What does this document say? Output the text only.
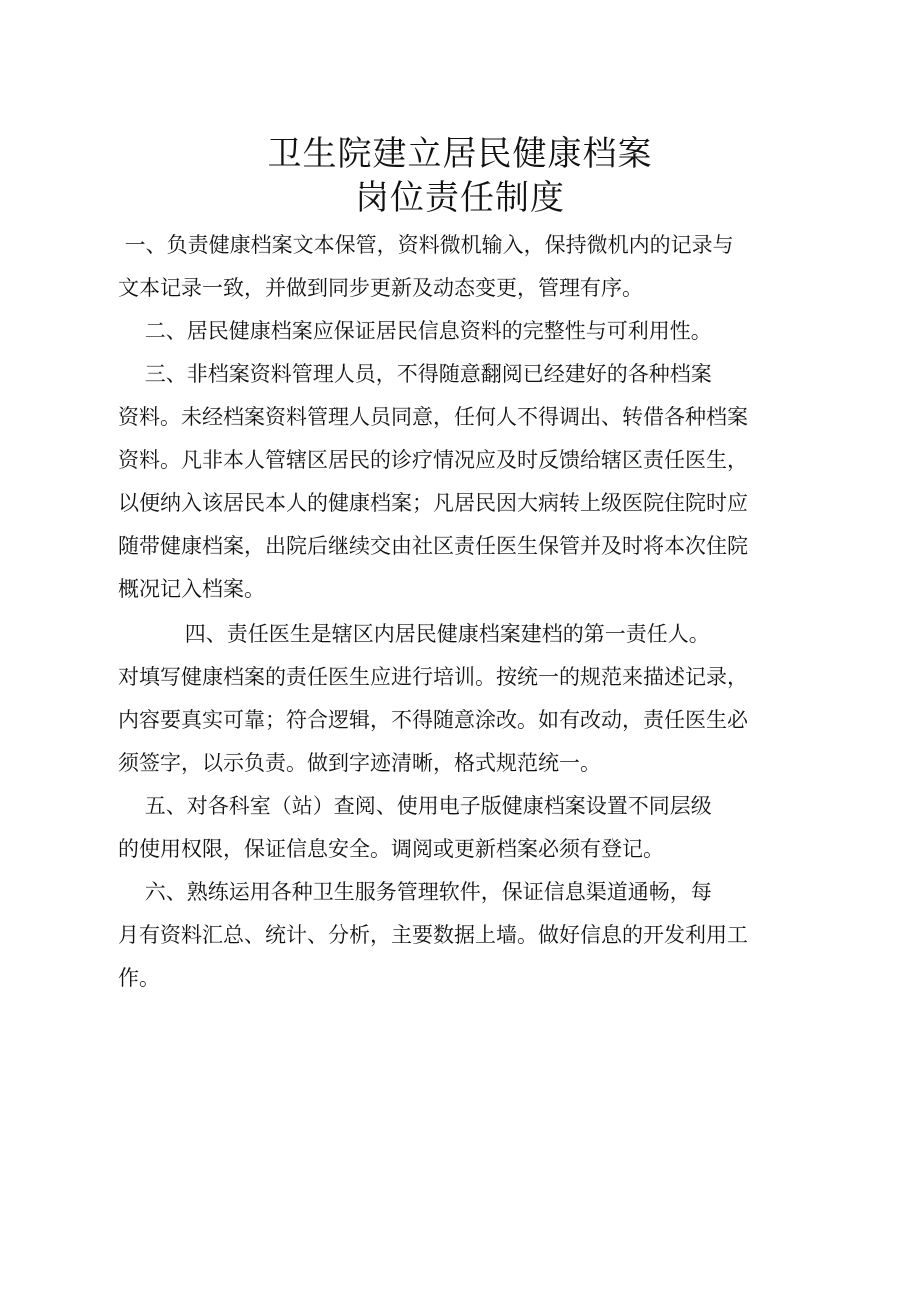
卫生院建立居民健康档案
岗位责任制度

一、负责健康档案文本保管，资料微机输入，保持微机内的记录与

文本记录一致，并做到同步更新及动态变更，管理有序。

二、居民健康档案应保证居民信息资料的完整性与可利用性。

三、非档案资料管理人员，不得随意翻阅已经建好的各种档案

资料。未经档案资料管理人员同意，任何人不得调出、转借各种档案

资料。凡非本人管辖区居民的诊疗情况应及时反馈给辖区责任医生，

以便纳入该居民本人的健康档案；凡居民因大病转上级医院住院时应

随带健康档案，出院后继续交由社区责任医生保管并及时将本次住院

概况记入档案。

四、责任医生是辖区内居民健康档案建档的第一责任人。

对填写健康档案的责任医生应进行培训。按统一的规范来描述记录，

内容要真实可靠；符合逻辑，不得随意涂改。如有改动，责任医生必

须签字，以示负责。做到字迹清晰，格式规范统一。

五、对各科室（站）查阅、使用电子版健康档案设置不同层级

的使用权限，保证信息安全。调阅或更新档案必须有登记。

六、熟练运用各种卫生服务管理软件，保证信息渠道通畅，每

月有资料汇总、统计、分析，主要数据上墙。做好信息的开发利用工

作。
